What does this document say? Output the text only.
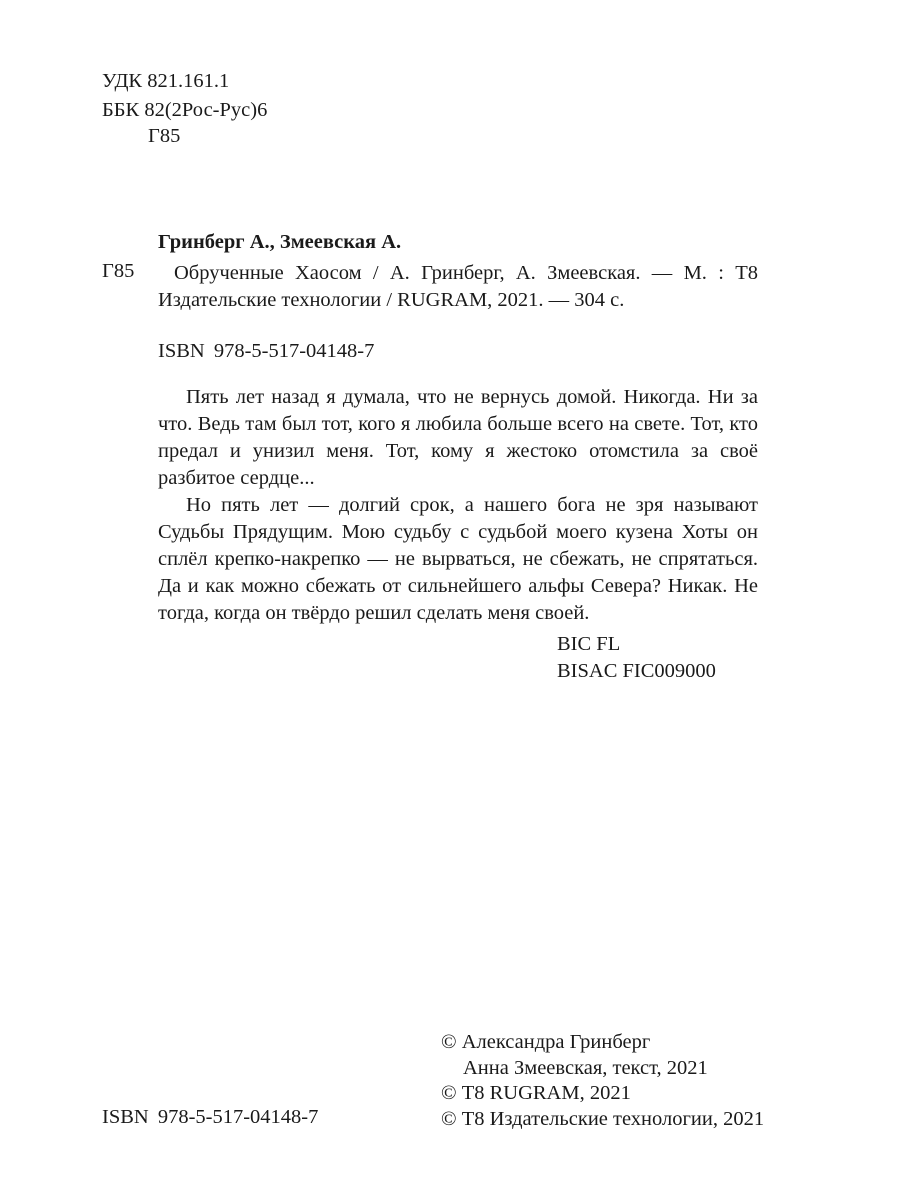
УДК 821.161.1
ББК 82(2Рос-Рус)6
Г85
Гринберг А., Змеевская А.
Г85	Обрученные Хаосом / А. Гринберг, А. Змеевская. — М. : Т8 Издательские технологии / RUGRAM, 2021. — 304 с.
ISBN 978-5-517-04148-7

Пять лет назад я думала, что не вернусь домой. Никогда. Ни за что. Ведь там был тот, кого я любила больше всего на свете. Тот, кто предал и унизил меня. Тот, кому я жестоко отомстила за своё разбитое сердце...

Но пять лет — долгий срок, а нашего бога не зря называют Судьбы Прядущим. Мою судьбу с судьбой моего кузена Хоты он сплёл крепко-накрепко — не вырваться, не сбежать, не спрятаться. Да и как можно сбежать от сильнейшего альфы Севера? Никак. Не тогда, когда он твёрдо решил сделать меня своей.

BIC FL
BISAC FIC009000
© Александра Гринберг
Анна Змеевская, текст, 2021
© Т8 RUGRAM, 2021
© Т8 Издательские технологии, 2021
ISBN 978-5-517-04148-7
